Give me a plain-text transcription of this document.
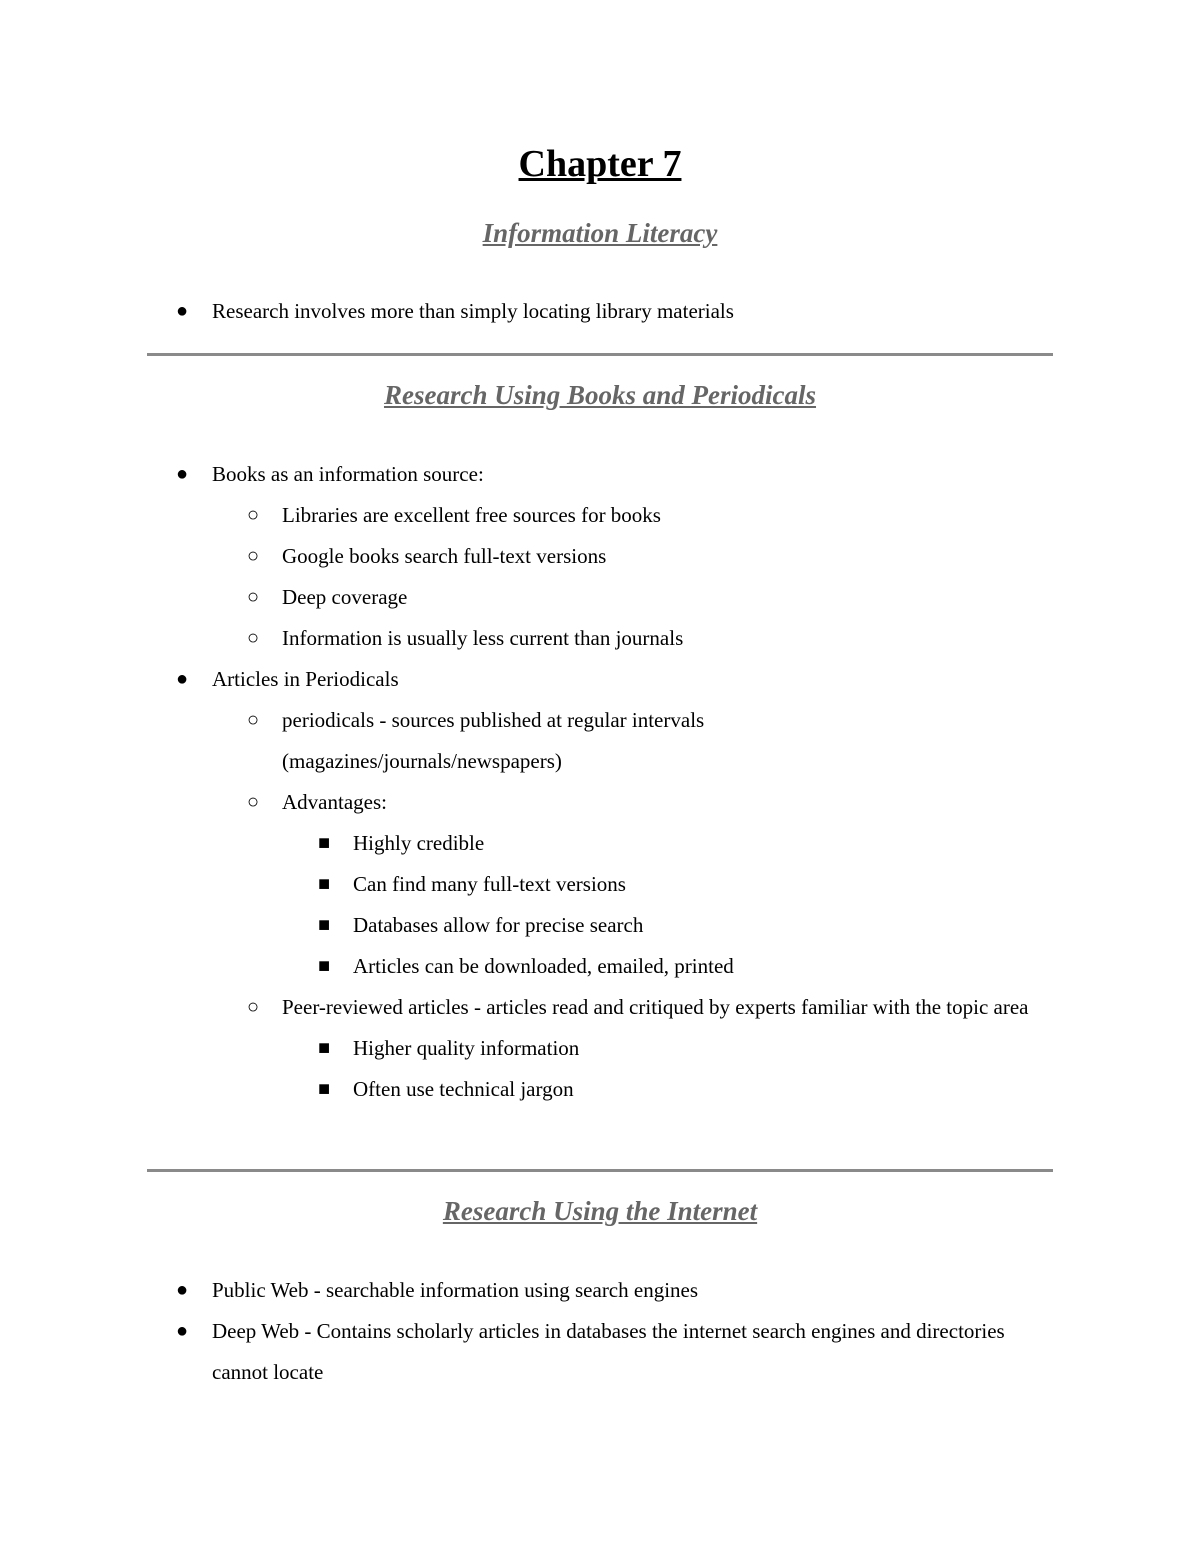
Chapter 7
Information Literacy
● Research involves more than simply locating library materials
Research Using Books and Periodicals
● Books as an information source:
○ Libraries are excellent free sources for books
○ Google books search full-text versions
○ Deep coverage
○ Information is usually less current than journals
● Articles in Periodicals
○ periodicals - sources published at regular intervals (magazines/journals/newspapers)
○ Advantages:
■ Highly credible
■ Can find many full-text versions
■ Databases allow for precise search
■ Articles can be downloaded, emailed, printed
○ Peer-reviewed articles - articles read and critiqued by experts familiar with the topic area
■ Higher quality information
■ Often use technical jargon
Research Using the Internet
● Public Web - searchable information using search engines
● Deep Web - Contains scholarly articles in databases the internet search engines and directories cannot locate
